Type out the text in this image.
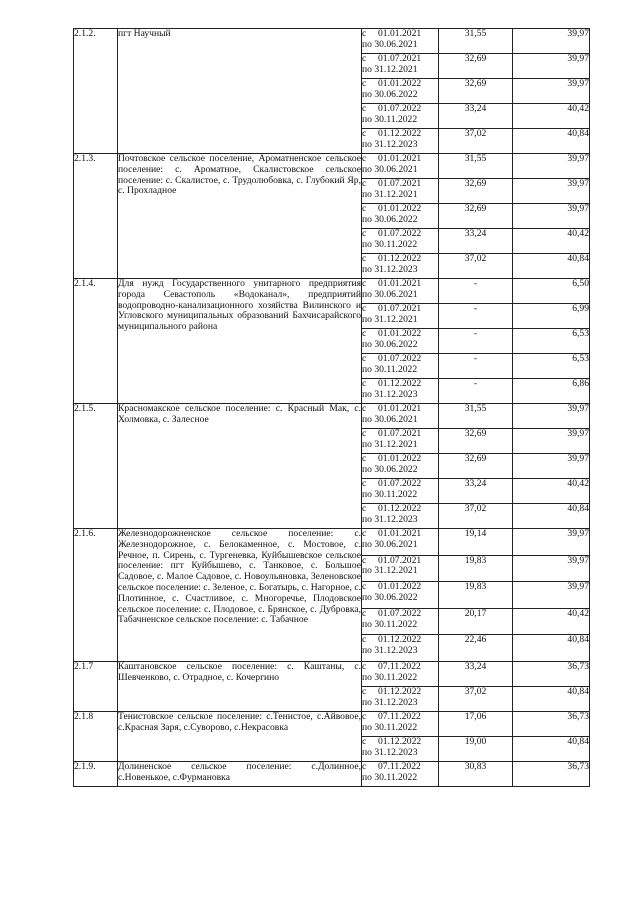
2.1.2.	пгт Научный	с 01.01.2021
по 30.06.2021	31,55	39,97

		с 01.07.2021
по 31.12.2021	32,69	39,97

		с 01.01.2022
по 30.06.2022	32,69	39,97

		с 01.07.2022
по 30.11.2022	33,24	40,42

		с 01.12.2022
по 31.12.2023	37,02	40,84
2.1.3.	Почтовское сельское поселение, Ароматненское сельское поселение: с. Ароматное, Скалистовское сельское поселение: с. Скалистое, с. Трудолюбовка, с. Глубокий Яр, с. Прохладное	с 01.01.2021
по 30.06.2021	31,55	39,97

		с 01.07.2021
по 31.12.2021	32,69	39,97

		с 01.01.2022
по 30.06.2022	32,69	39,97

		с 01.07.2022
по 30.11.2022	33,24	40,42

		с 01.12.2022
по 31.12.2023	37,02	40,84
2.1.4.	Для нужд Государственного унитарного предприятия города Севастополь «Водоканал», предприятий водопроводно-канализационного хозяйства Вилинского и Угловского муниципальных образований Бахчисарайского муниципального района	с 01.01.2021
по 30.06.2021	-	6,50

		с 01.07.2021
по 31.12.2021	-	6,99

		с 01.01.2022
по 30.06.2022	-	6,53

		с 01.07.2022
по 30.11.2022	-	6,53

		с 01.12.2022
по 31.12.2023	-	6,86
2.1.5.	Красномакское сельское поселение: с. Красный Мак, с. Холмовка, с. Залесное	с 01.01.2021
по 30.06.2021	31,55	39,97

		с 01.07.2021
по 31.12.2021	32,69	39,97

		с 01.01.2022
по 30.06.2022	32,69	39,97

		с 01.07.2022
по 30.11.2022	33,24	40,42

		с 01.12.2022
по 31.12.2023	37,02	40,84
2.1.6.	Железнодорожненское сельское поселение: с. Железнодорожное, с. Белокаменное, с. Мостовое, с. Речное, п. Сирень, с. Тургеневка, Куйбышевское сельское поселение: пгт Куйбышево, с. Танковое, с. Большое Садовое, с. Малое Садовое, с. Новоульяновка, Зеленовское сельское поселение: с. Зеленое, с. Богатырь, с. Нагорное, с. Плотинное, с. Счастливое, с. Многоречье, Плодовское сельское поселение: с. Плодовое, с. Брянское, с. Дубровка, Табачненское сельское поселение: с. Табачное	с 01.01.2021
по 30.06.2021	19,14	39,97

		с 01.07.2021
по 31.12.2021	19,83	39,97

		с 01.01.2022
по 30.06.2022	19,83	39,97

		с 01.07.2022
по 30.11.2022	20,17	40,42

		с 01.12.2022
по 31.12.2023	22,46	40,84
2.1.7	Каштановское сельское поселение: с. Каштаны, с. Шевченково, с. Отрадное, с. Кочергино	с 07.11.2022
по 30.11.2022	33,24	36,73

		с 01.12.2022
по 31.12.2023	37,02	40,84
2.1.8	Тенистовское сельское поселение: с.Тенистое, с.Айвовое, с.Красная Заря, с.Суворово, с.Некрасовка	с 07.11.2022
по 30.11.2022	17,06	36,73

		с 01.12.2022
по 31.12.2023	19,00	40,84
2.1.9.	Долиненское сельское поселение: с.Долинное, с.Новенькое, с.Фурмановка	с 07.11.2022
по 30.11.2022	30,83	36,73
